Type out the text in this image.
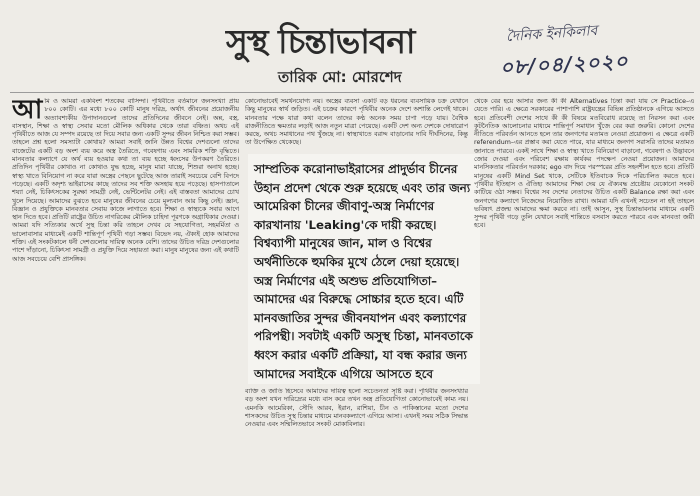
সুস্থ চিন্তাভাবনা	দৈনিক ইনকিলাব
০৮/০৪/২০২০
তারিক মো: মোরশেদ
আ মি ও আমরা একবিংশ শতকের বাসিন্দা। পৃথিবীতে বর্তমানে জনসংখ্যা প্রায় ৮০০ কোটি। এর মধ্যে ৮০০ কোটি মানুষ দরিদ্র, অর্থাৎ জীবনের প্রয়োজনীয় অত্যাবশ্যকীয় উপাদানগুলো তাদের প্রতিদিনের জীবনে নেই। অন্ন, বস্ত্র, বাসস্থান, শিক্ষা ও স্বাস্থ্য সেবার মতো মৌলিক অধিকার থেকে তারা বঞ্চিত। অথচ এই পৃথিবীতে আজ যে সম্পদ রয়েছে তা দিয়ে সবার জন্য একটি সুন্দর জীবন নিশ্চিত করা সম্ভব। তাহলে প্রশ্ন হলো সমস্যাটা কোথায়? আমরা সবাই জানি উন্নত বিশ্বের দেশগুলো তাদের বাজেটের একটি বড় অংশ ব্যয় করে অস্ত্র তৈরিতে, গবেষণায় এবং সামরিক শক্তি বৃদ্ধিতে। মানবতার কল্যাণে যে অর্থ ব্যয় হওয়ার কথা তা ব্যয় হচ্ছে ধ্বংসের উপকরণ তৈরিতে। প্রতিদিন পৃথিবীর কোথাও না কোথাও যুদ্ধ হচ্ছে, মানুষ মারা যাচ্ছে, শিশুরা অনাথ হচ্ছে। স্বাস্থ্য খাতে বিনিয়োগ না করে যারা অস্ত্রের পেছনে ছুটেছে আজ তারাই সবচেয়ে বেশি বিপদে পড়েছে। একটি অদৃশ্য ভাইরাসের কাছে তাদের সব শক্তি অসহায় হয়ে পড়েছে। হাসপাতালে শয্যা নেই, চিকিৎসকের সুরক্ষা সামগ্রী নেই, ভেন্টিলেটর নেই। এই বাস্তবতা আমাদের চোখ খুলে দিয়েছে। আমাদের বুঝতে হবে মানুষের জীবনের চেয়ে মূল্যবান আর কিছু নেই। জ্ঞান, বিজ্ঞান ও প্রযুক্তিকে মানবতার সেবায় কাজে লাগাতে হবে। শিক্ষা ও স্বাস্থ্যকে সবার আগে স্থান দিতে হবে। প্রতিটি রাষ্ট্রের উচিত নাগরিকের মৌলিক চাহিদা পূরণকে অগ্রাধিকার দেওয়া। আমরা যদি সত্যিকার অর্থে সুস্থ চিন্তা করি তাহলে দেখব যে সহযোগিতা, সহমর্মিতা ও ভালোবাসার মাধ্যমেই একটি শান্তিপূর্ণ পৃথিবী গড়া সম্ভব। বিভেদ নয়, ঐক্যই হোক আমাদের শক্তি। এই সংকটকালে ধনী দেশগুলোর দায়িত্ব অনেক বেশি। তাদের উচিত দরিদ্র দেশগুলোর পাশে দাঁড়ানো, চিকিৎসা সামগ্রী ও প্রযুক্তি দিয়ে সহায়তা করা। মানুষ মানুষের জন্য এই কথাটি আজ সবচেয়ে বেশি প্রাসঙ্গিক।

কোনোভাবেই সমর্থনযোগ্য নয়। অস্ত্রের ব্যবসা একটি বড় ধরনের ব্যবসায়িক চক্র যেখানে কিছু মানুষের স্বার্থ জড়িত। এই চক্রের কারণে পৃথিবীর অনেক দেশে অশান্তি লেগেই থাকে। মানবতার পক্ষে যারা কথা বলেন তাদের কণ্ঠ অনেক সময় চাপা পড়ে যায়। বৈশ্বিক রাজনীতিতে ক্ষমতার লড়াই আজ নতুন মাত্রা পেয়েছে। একটি দেশ অন্য দেশকে দোষারোপ করছে, অথচ সমাধানের পথ খুঁজছে না। স্বাস্থ্যখাতে বরাদ্দ বাড়ানোর দাবি দীর্ঘদিনের, কিন্তু তা উপেক্ষিত থেকেছে।

সাম্প্রতিক করোনাভাইরাসের প্রাদুর্ভাব চীনের উহান প্রদেশ থেকে শুরু হয়েছে এবং তার জন্য আমেরিকা চীনের জীবাণু-অস্ত্র নির্মাণের কারখানায় 'Leaking'কে দায়ী করছে। বিশ্বব্যাপী মানুষের জান, মাল ও বিশ্বের অর্থনীতিকে হুমকির মুখে ঠেলে দেয়া হয়েছে। অস্ত্র নির্মাণের এই অশুভ প্রতিযোগিতা– আমাদের এর বিরুদ্ধে সোচ্চার হতে হবে। এটি মানবজাতির সুন্দর জীবনযাপন এবং কল্যাণের পরিপন্থী। সবটাই একটি অসুস্থ চিন্তা, মানবতাকে ধ্বংস করার একটি প্রক্রিয়া, যা বন্ধ করার জন্য আমাদের সবাইকে এগিয়ে আসতে হবে

ব্যক্তি ও জাতি হিসেবে আমাদের দায়িত্ব হলো সচেতনতা সৃষ্টি করা। পৃথিবীর জনসংখ্যার বড় অংশ যখন দারিদ্র্যের মধ্যে বাস করে তখন অস্ত্র প্রতিযোগিতা কোনোভাবেই কাম্য নয়। এমনকি আমেরিকা, সৌদি আরব, ইরান, রাশিয়া, চীন ও পাকিস্তানের মতো দেশের শাসকদের উচিত সুস্থ চিন্তার মাধ্যমে মানবকল্যাণে এগিয়ে আসা। এখনই সময় সঠিক সিদ্ধান্ত নেওয়ার এবং সম্মিলিতভাবে সংকট মোকাবিলার।

থেকে বের হয়ে আসার জন্য কী কী Alternatives চিন্তা করা যায় সে Practice–এ যেতে পারি। এ ক্ষেত্রে সরকারের পাশাপাশি রাষ্ট্রযন্ত্রের বিভিন্ন প্রতিষ্ঠানকে এগিয়ে আসতে হবে। প্রতিবেশী দেশের সাথে কী কী বিষয়ে মতবিরোধ রয়েছে তা নিরসন করা এবং কূটনৈতিক আলোচনার মাধ্যমে শান্তিপূর্ণ সমাধান খুঁজে বের করা জরুরি। কোনো দেশের নীতিতে পরিবর্তন আনতে হলে তার জনগণের মতামত নেওয়া প্রয়োজন। এ ক্ষেত্রে একটি referendum–এর প্রস্তাব করা যেতে পারে, যার মাধ্যমে জনগণ সরাসরি তাদের মতামত জানাতে পারবে। একই সাথে শিক্ষা ও স্বাস্থ্য খাতে বিনিয়োগ বাড়ানো, গবেষণা ও উদ্ভাবনে জোর দেওয়া এবং পরিবেশ রক্ষায় কার্যকর পদক্ষেপ নেওয়া প্রয়োজন। আমাদের মানসিকতার পরিবর্তন দরকার; ego বাদ দিয়ে পরস্পরের প্রতি সহনশীল হতে হবে। প্রতিটি মানুষের একটি Mind Set থাকে, সেটিকে ইতিবাচক দিকে পরিচালিত করতে হবে। পৃথিবীর ইতিহাস ও ঐতিহ্য আমাদের শিক্ষা দেয় যে ঐক্যবদ্ধ প্রচেষ্টায় যেকোনো সংকট কাটিয়ে ওঠা সম্ভব। বিশ্বের সব দেশের নেতাদের উচিত একটি Balance রক্ষা করা এবং জনগণের কল্যাণে নিজেদের নিয়োজিত রাখা। আমরা যদি এখনই সচেতন না হই তাহলে ভবিষ্যৎ প্রজন্ম আমাদের ক্ষমা করবে না। তাই আসুন, সুস্থ চিন্তাভাবনার মাধ্যমে একটি সুন্দর পৃথিবী গড়ে তুলি যেখানে সবাই শান্তিতে বসবাস করতে পারবে এবং মানবতা জয়ী হবে।
